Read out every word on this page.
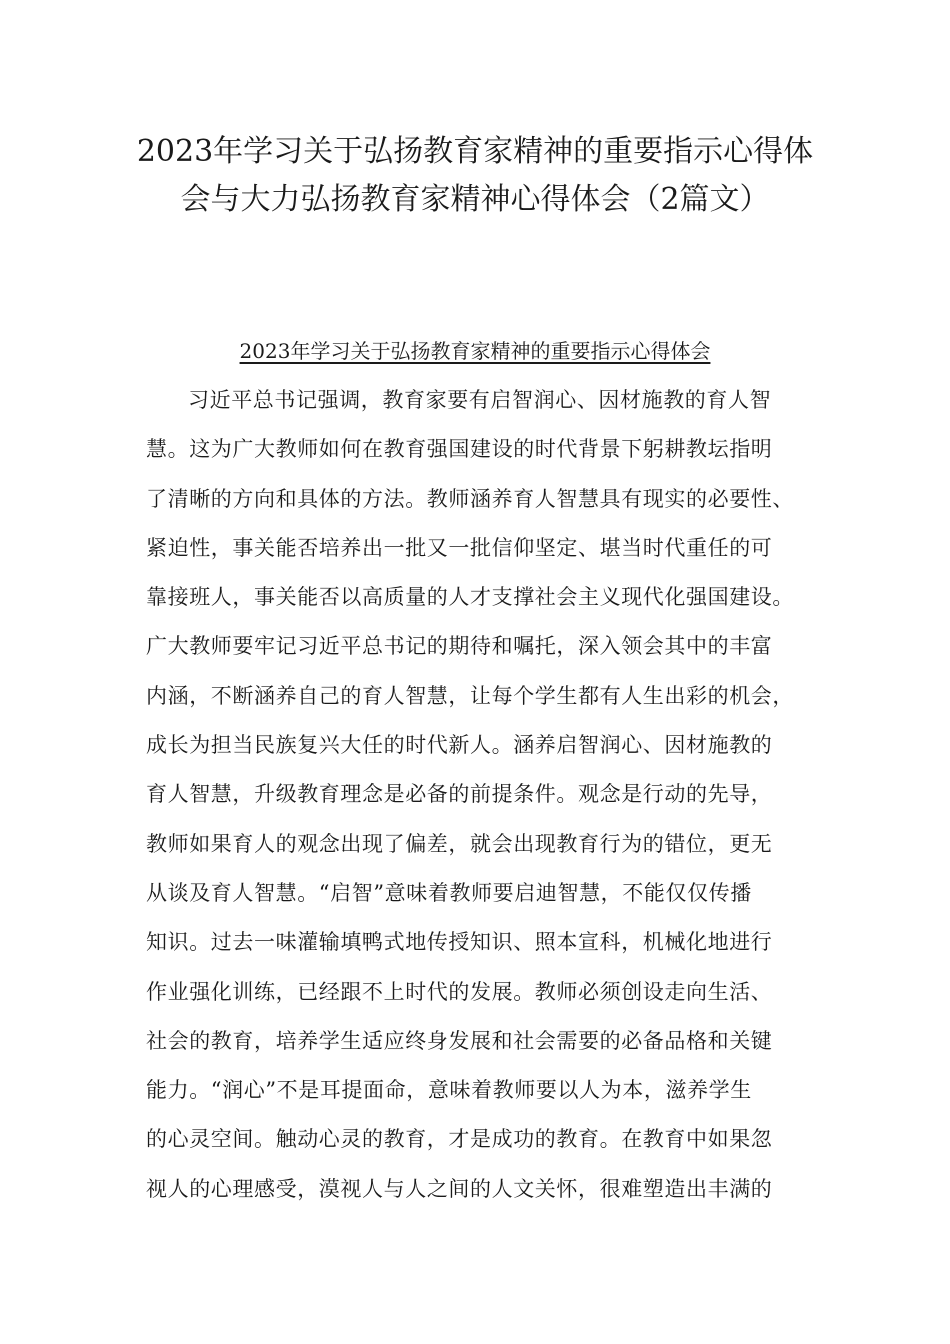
2023年学习关于弘扬教育家精神的重要指示心得体
会与大力弘扬教育家精神心得体会（2篇文）
2023年学习关于弘扬教育家精神的重要指示心得体会
习近平总书记强调，教育家要有启智润心、因材施教的育人智
慧。这为广大教师如何在教育强国建设的时代背景下躬耕教坛指明
了清晰的方向和具体的方法。教师涵养育人智慧具有现实的必要性、
紧迫性，事关能否培养出一批又一批信仰坚定、堪当时代重任的可
靠接班人，事关能否以高质量的人才支撑社会主义现代化强国建设。
广大教师要牢记习近平总书记的期待和嘱托，深入领会其中的丰富
内涵，不断涵养自己的育人智慧，让每个学生都有人生出彩的机会，
成长为担当民族复兴大任的时代新人。涵养启智润心、因材施教的
育人智慧，升级教育理念是必备的前提条件。观念是行动的先导，
教师如果育人的观念出现了偏差，就会出现教育行为的错位，更无
从谈及育人智慧。“启智”意味着教师要启迪智慧，不能仅仅传播
知识。过去一味灌输填鸭式地传授知识、照本宣科，机械化地进行
作业强化训练，已经跟不上时代的发展。教师必须创设走向生活、
社会的教育，培养学生适应终身发展和社会需要的必备品格和关键
能力。“润心”不是耳提面命，意味着教师要以人为本，滋养学生
的心灵空间。触动心灵的教育，才是成功的教育。在教育中如果忽
视人的心理感受，漠视人与人之间的人文关怀，很难塑造出丰满的
